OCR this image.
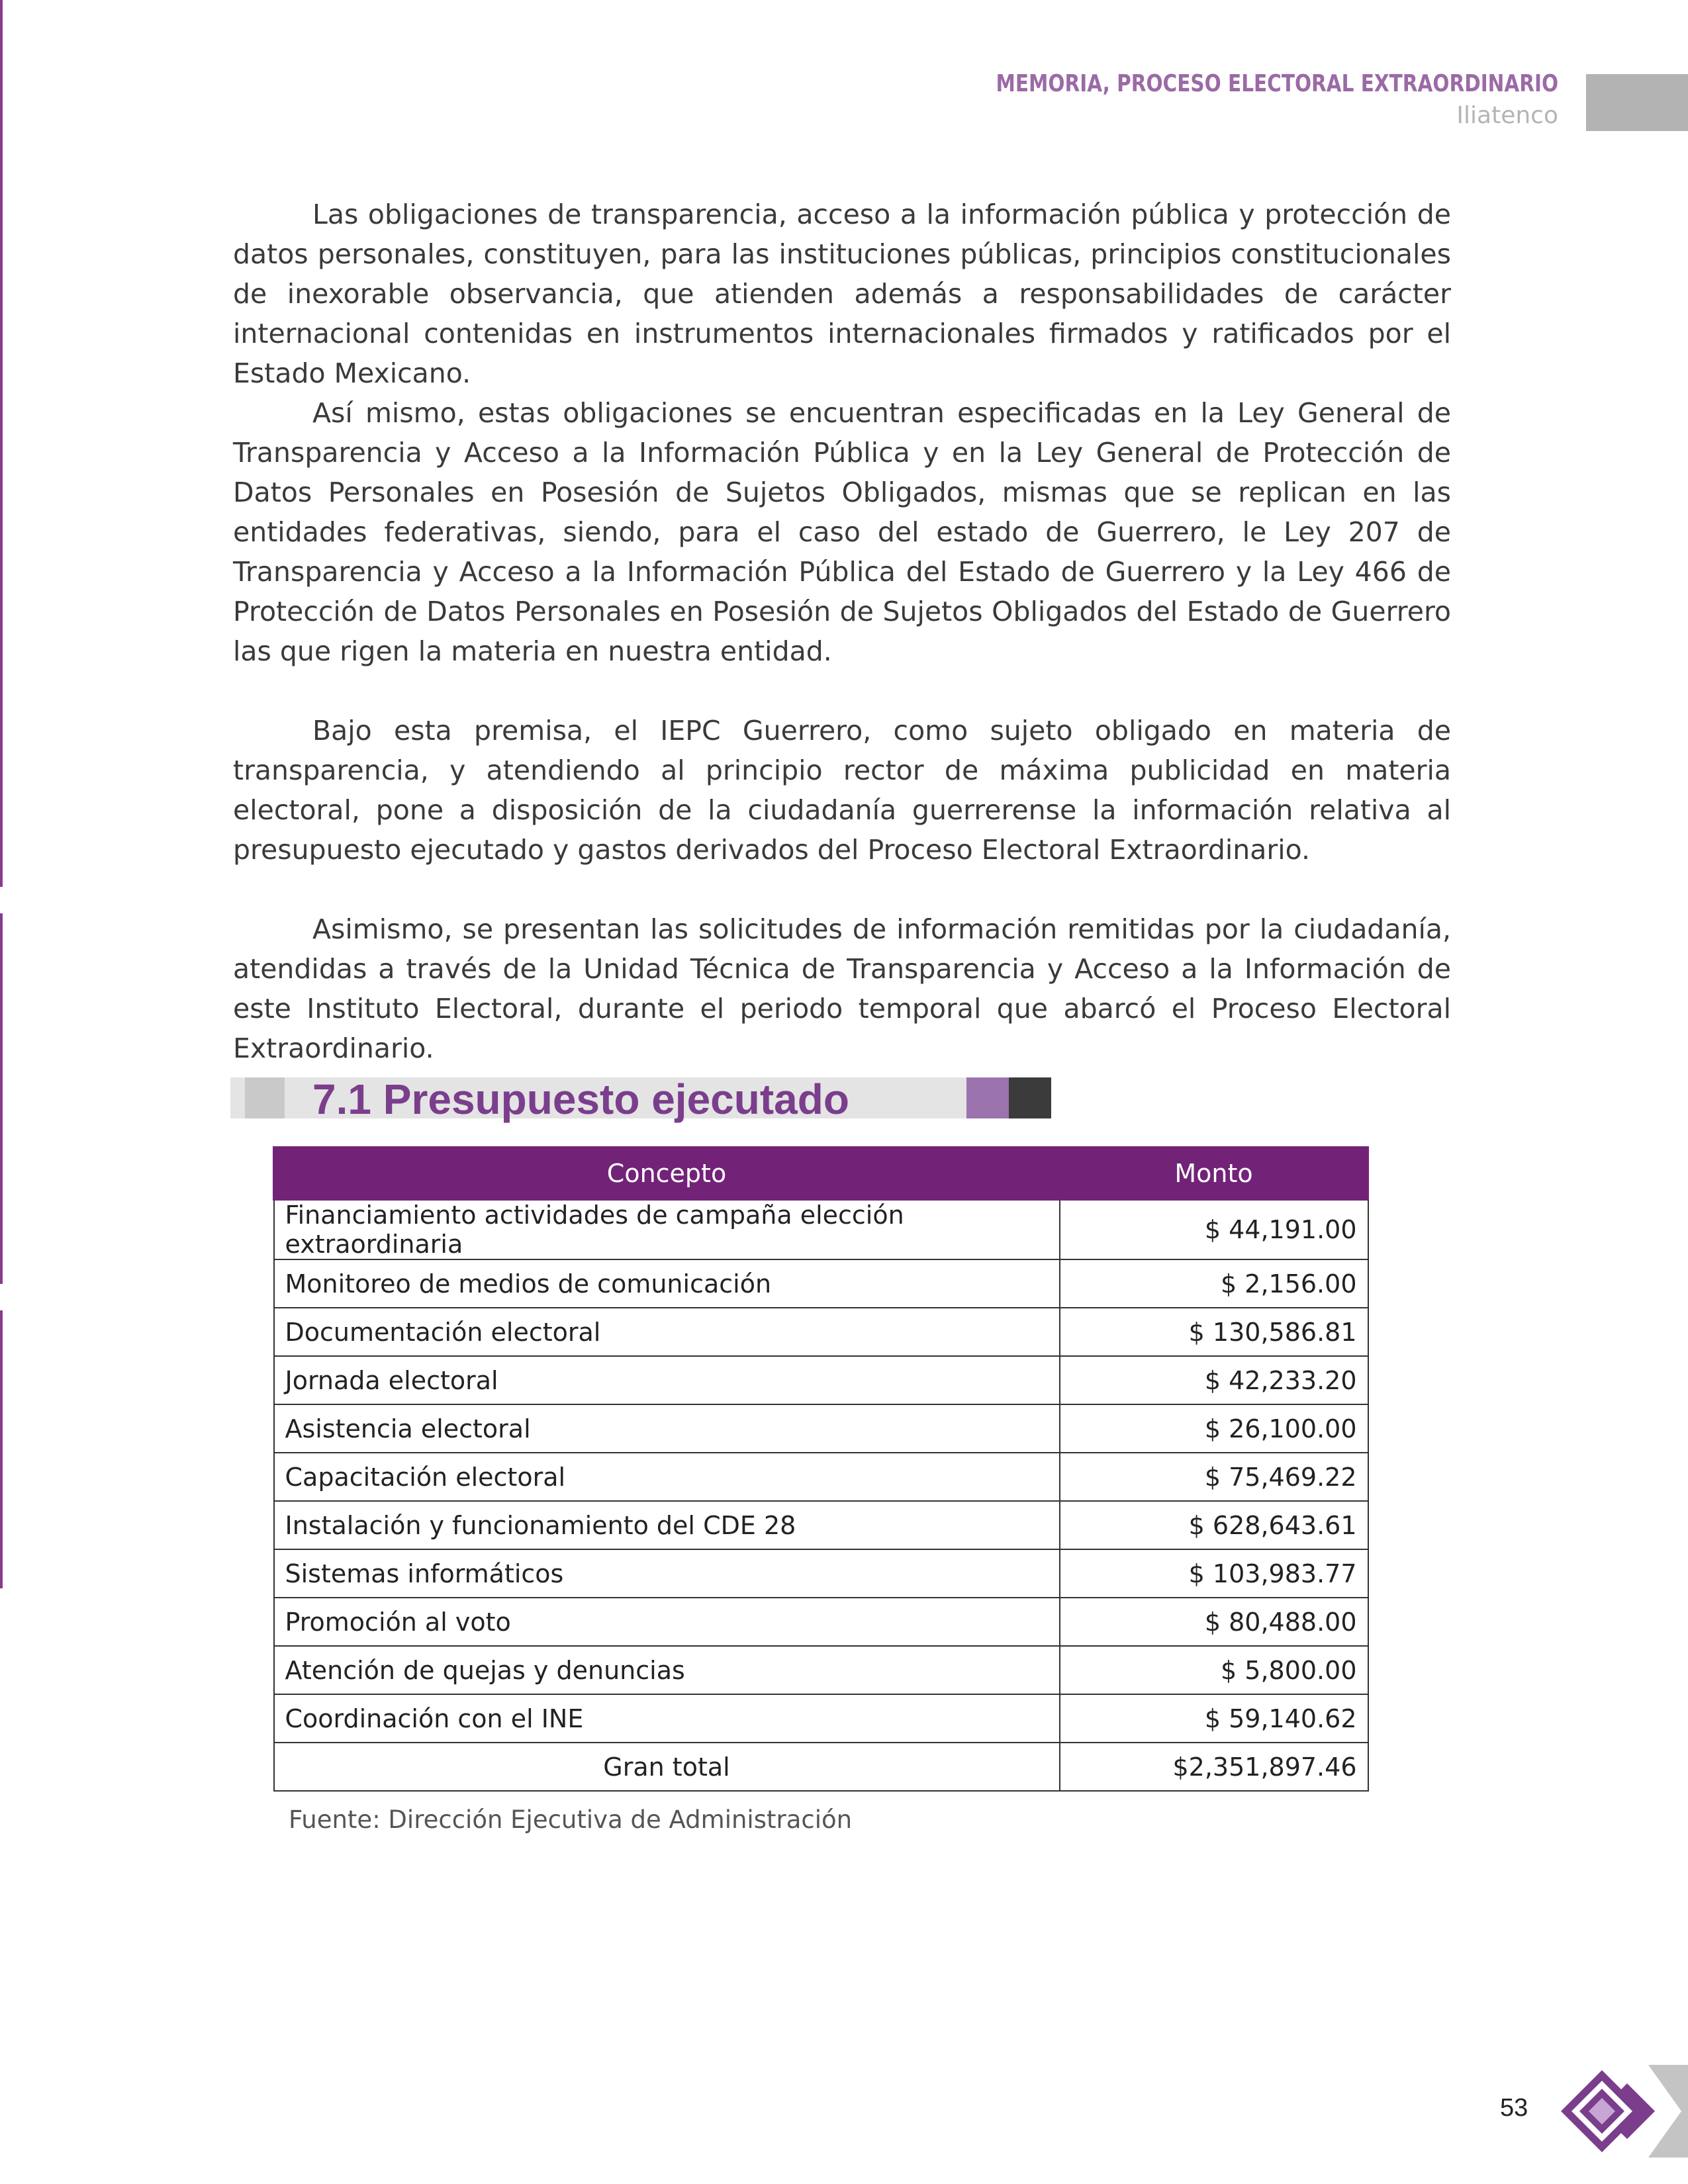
MEMORIA, PROCESO ELECTORAL EXTRAORDINARIO
Iliatenco

Las obligaciones de transparencia, acceso a la información pública y protección de datos personales, constituyen, para las instituciones públicas, principios constitucionales de inexorable observancia, que atienden además a responsabilidades de carácter internacional contenidas en instrumentos internacionales firmados y ratificados por el Estado Mexicano.

Así mismo, estas obligaciones se encuentran especificadas en la Ley General de Transparencia y Acceso a la Información Pública y en la Ley General de Protección de Datos Personales en Posesión de Sujetos Obligados, mismas que se replican en las entidades federativas, siendo, para el caso del estado de Guerrero, le Ley 207 de Transparencia y Acceso a la Información Pública del Estado de Guerrero y la Ley 466 de Protección de Datos Personales en Posesión de Sujetos Obligados del Estado de Guerrero las que rigen la materia en nuestra entidad.

Bajo esta premisa, el IEPC Guerrero, como sujeto obligado en materia de transparencia, y atendiendo al principio rector de máxima publicidad en materia electoral, pone a disposición de la ciudadanía guerrerense la información relativa al presupuesto ejecutado y gastos derivados del Proceso Electoral Extraordinario.

Asimismo, se presentan las solicitudes de información remitidas por la ciudadanía, atendidas a través de la Unidad Técnica de Transparencia y Acceso a la Información de este Instituto Electoral, durante el periodo temporal que abarcó el Proceso Electoral Extraordinario.

7.1 Presupuesto ejecutado
Concepto	Monto
Financiamiento actividades de campaña elección extraordinaria	$ 44,191.00
Monitoreo de medios de comunicación	$ 2,156.00
Documentación electoral	$ 130,586.81
Jornada electoral	$ 42,233.20
Asistencia electoral	$ 26,100.00
Capacitación electoral	$ 75,469.22
Instalación y funcionamiento del CDE 28	$ 628,643.61
Sistemas informáticos	$ 103,983.77
Promoción al voto	$ 80,488.00
Atención de quejas y denuncias	$ 5,800.00
Coordinación con el INE	$ 59,140.62
Gran total	$2,351,897.46
Fuente: Dirección Ejecutiva de Administración
53
